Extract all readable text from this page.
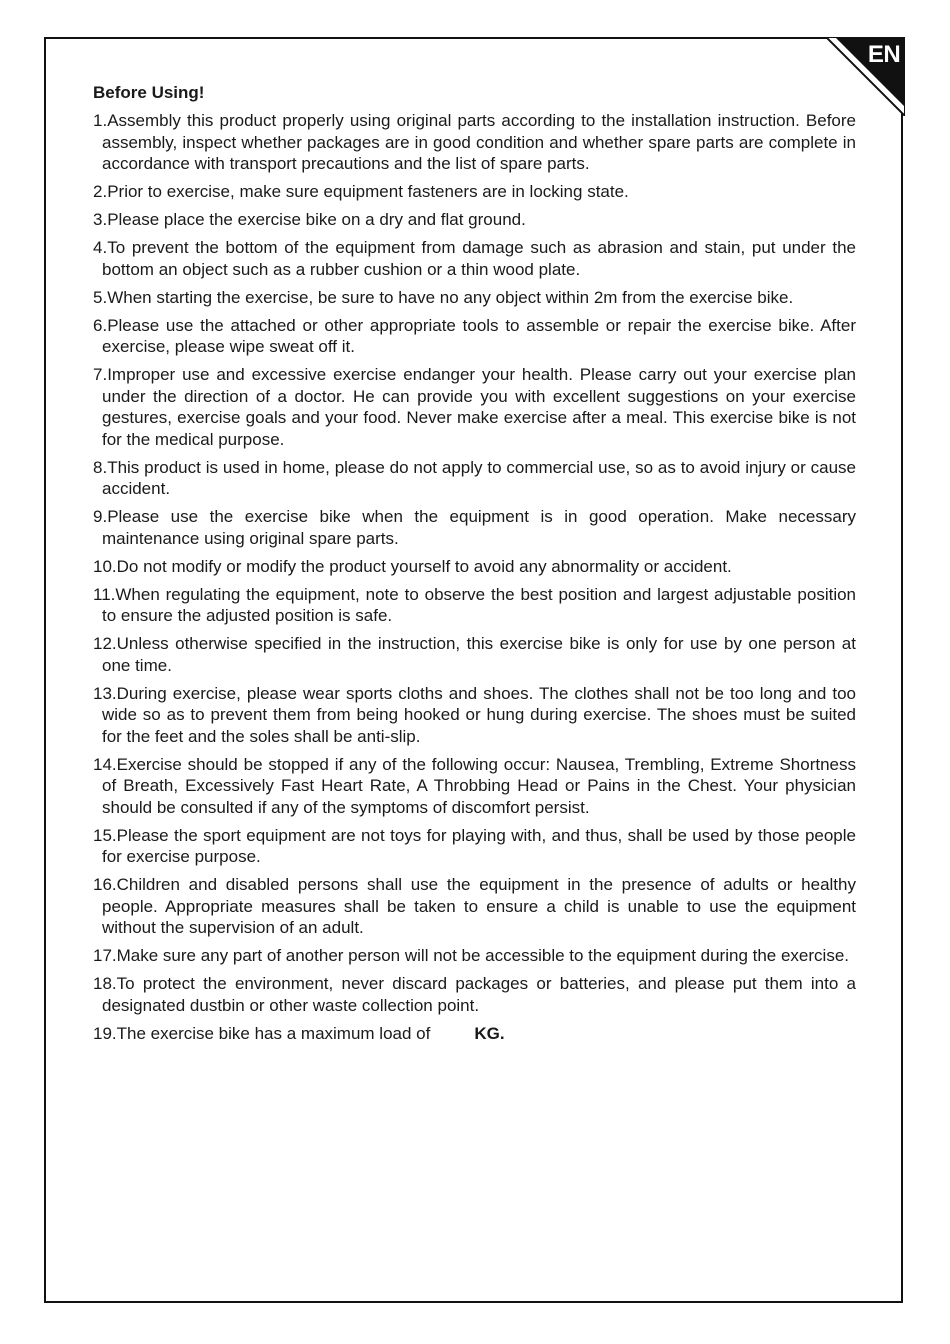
EN
Before Using!
1.Assembly this product properly using original parts according to the installation instruction. Before assembly, inspect whether packages are in good condition and whether spare parts are complete in accordance with transport precautions and the list of spare parts.
2.Prior to exercise, make sure equipment fasteners are in locking state.
3.Please place the exercise bike on a dry and flat ground.
4.To prevent the bottom of the equipment from damage such as abrasion and stain, put under the bottom an object such as a rubber cushion or a thin wood plate.
5.When starting the exercise, be sure to have no any object within 2m from the exercise bike.
6.Please use the attached or other appropriate tools to assemble or repair the exercise bike. After exercise, please wipe sweat off it.
7.Improper use and excessive exercise endanger your health. Please carry out your exercise plan under the direction of a doctor. He can provide you with excellent suggestions on your exercise gestures, exercise goals and your food. Never make exercise after a meal. This exercise bike is not for the medical purpose.
8.This product is used in home, please do not apply to commercial use, so as to avoid injury or cause accident.
9.Please use the exercise bike when the equipment is in good operation. Make necessary maintenance using original spare parts.
10.Do not modify or modify the product yourself to avoid any abnormality or accident.
11.When regulating the equipment, note to observe the best position and largest adjustable position to ensure the adjusted position is safe.
12.Unless otherwise specified in the instruction, this exercise bike is only for use by one person at one time.
13.During exercise, please wear sports cloths and shoes. The clothes shall not be too long and too wide so as to prevent them from being hooked or hung during exercise. The shoes must be suited for the feet and the soles shall be anti-slip.
14.Exercise should be stopped if any of the following occur: Nausea, Trembling, Extreme Shortness of Breath, Excessively Fast Heart Rate, A Throbbing Head or Pains in the Chest. Your physician should be consulted if any of the symptoms of discomfort persist.
15.Please the sport equipment are not toys for playing with, and thus, shall be used by those people for exercise purpose.
16.Children and disabled persons shall use the equipment in the presence of adults or healthy people. Appropriate measures shall be taken to ensure a child is unable to use the equipment without the supervision of an adult.
17.Make sure any part of another person will not be accessible to the equipment during the exercise.
18.To protect the environment, never discard packages or batteries, and please put them into a designated dustbin or other waste collection point.
19.The exercise bike has a maximum load of	KG.
